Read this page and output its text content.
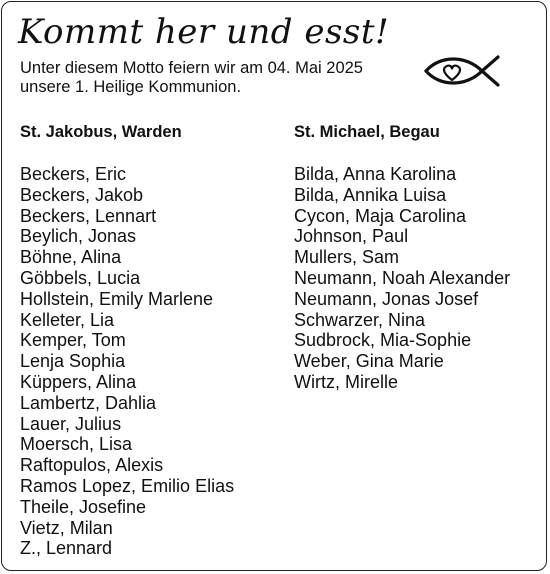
Kommt her und esst!
Unter diesem Motto feiern wir am 04. Mai 2025
unsere 1. Heilige Kommunion.
St. Jakobus, Warden
Beckers, Eric
Beckers, Jakob
Beckers, Lennart
Beylich, Jonas
Böhne, Alina
Göbbels, Lucia
Hollstein, Emily Marlene
Kelleter, Lia
Kemper, Tom
Lenja Sophia
Küppers, Alina
Lambertz, Dahlia
Lauer, Julius
Moersch, Lisa
Raftopulos, Alexis
Ramos Lopez, Emilio Elias
Theile, Josefine
Vietz, Milan
Z., Lennard
St. Michael, Begau
Bilda, Anna Karolina
Bilda, Annika Luisa
Cycon, Maja Carolina
Johnson, Paul
Mullers, Sam
Neumann, Noah Alexander
Neumann, Jonas Josef
Schwarzer, Nina
Sudbrock, Mia-Sophie
Weber, Gina Marie
Wirtz, Mirelle
